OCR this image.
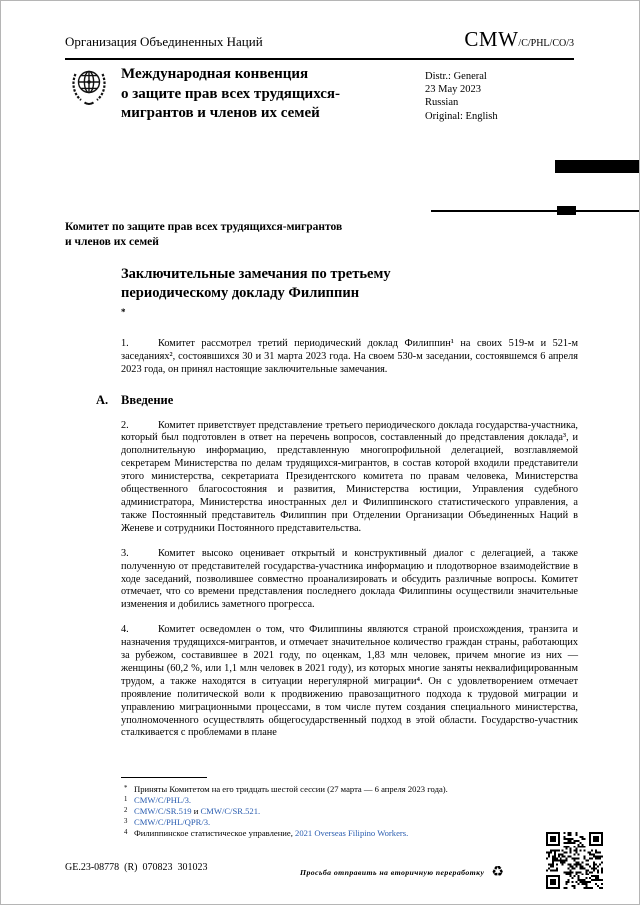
Организация Объединенных Наций	CMW/C/PHL/CO/3
Международная конвенция
о защите прав всех трудящихся-
мигрантов и членов их семей
Distr.: General
23 May 2023
Russian
Original: English
Комитет по защите прав всех трудящихся-мигрантов
и членов их семей
Заключительные замечания по третьему
периодическому докладу Филиппин
*

1.	Комитет рассмотрел третий периодический доклад Филиппин¹ на своих 519-м и 521-м заседаниях², состоявшихся 30 и 31 марта 2023 года. На своем 530-м заседании, состоявшемся 6 апреля 2023 года, он принял настоящие заключительные замечания.

A.	Введение

2.	Комитет приветствует представление третьего периодического доклада государства-участника, который был подготовлен в ответ на перечень вопросов, составленный до представления доклада³, и дополнительную информацию, представленную многопрофильной делегацией, возглавляемой секретарем Министерства по делам трудящихся-мигрантов, в состав которой входили представители этого министерства, секретариата Президентского комитета по правам человека, Министерства общественного благосостояния и развития, Министерства юстиции, Управления судебного администратора, Министерства иностранных дел и Филиппинского статистического управления, а также Постоянный представитель Филиппин при Отделении Организации Объединенных Наций в Женеве и сотрудники Постоянного представительства.

3.	Комитет высоко оценивает открытый и конструктивный диалог с делегацией, а также полученную от представителей государства-участника информацию и плодотворное взаимодействие в ходе заседаний, позволившее совместно проанализировать и обсудить различные вопросы. Комитет отмечает, что со времени представления последнего доклада Филиппины осуществили значительные изменения и добились заметного прогресса.

4.	Комитет осведомлен о том, что Филиппины являются страной происхождения, транзита и назначения трудящихся-мигрантов, и отмечает значительное количество граждан страны, работающих за рубежом, составившее в 2021 году, по оценкам, 1,83 млн человек, причем многие из них — женщины (60,2 %, или 1,1 млн человек в 2021 году), из которых многие заняты неквалифицированным трудом, а также находятся в ситуации нерегулярной миграции⁴. Он с удовлетворением отмечает проявление политической воли к продвижению правозащитного подхода к трудовой миграции и управлению миграционными процессами, в том числе путем создания специального министерства, уполномоченного осуществлять общегосударственный подход в этой области. Государство-участник сталкивается с проблемами в плане

* Приняты Комитетом на его тридцать шестой сессии (27 марта — 6 апреля 2023 года).
1 CMW/C/PHL/3.
2 CMW/C/SR.519 и CMW/C/SR.521.
3 CMW/C/PHL/QPR/3.
4 Филиппинское статистическое управление, 2021 Overseas Filipino Workers.
GE.23-08778  (R)  070823  301023	Просьба отправить на вторичную переработку ♻
